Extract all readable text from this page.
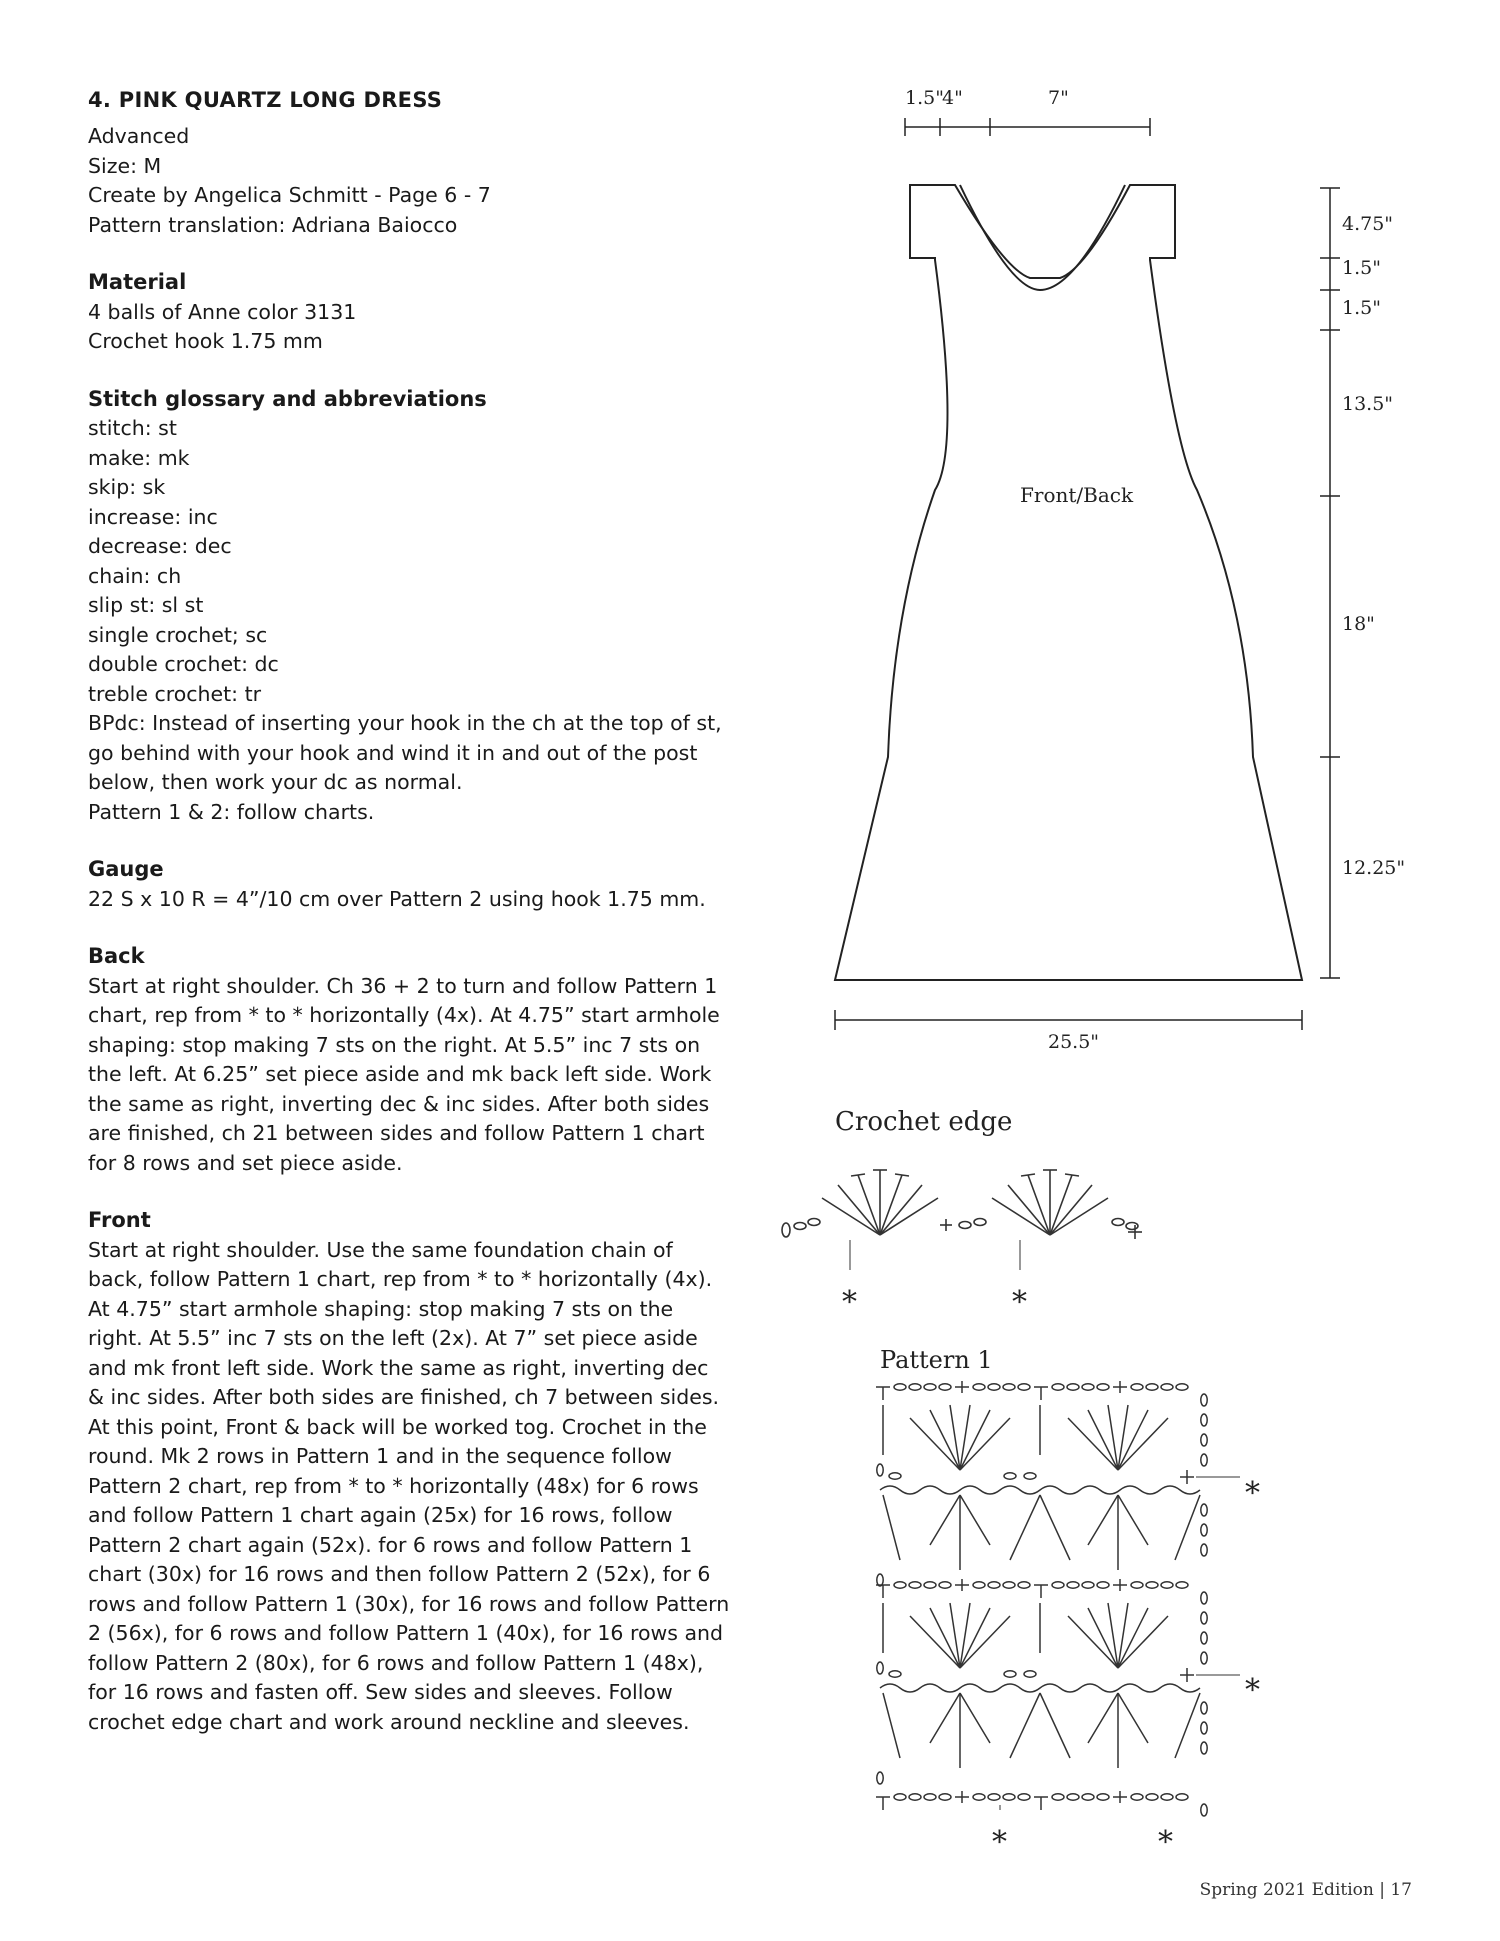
4. PINK QUARTZ LONG DRESS

Advanced

Size: M

Create by Angelica Schmitt - Page 6 - 7

Pattern translation: Adriana Baiocco

Material

4 balls of Anne color 3131

Crochet hook 1.75 mm

Stitch glossary and abbreviations

stitch: st

make: mk

skip: sk

increase: inc

decrease: dec

chain: ch

slip st: sl st

single crochet; sc

double crochet: dc

treble crochet: tr

BPdc: Instead of inserting your hook in the ch at the top of st,
go behind with your hook and wind it in and out of the post
below, then work your dc as normal.

Pattern 1 & 2: follow charts.

Gauge

22 S x 10 R = 4”/10 cm over Pattern 2 using hook 1.75 mm.

Back

Start at right shoulder. Ch 36 + 2 to turn and follow Pattern 1
chart, rep from * to * horizontally (4x). At 4.75” start armhole
shaping: stop making 7 sts on the right. At 5.5” inc 7 sts on
the left. At 6.25” set piece aside and mk back left side. Work
the same as right, inverting dec & inc sides. After both sides
are finished, ch 21 between sides and follow Pattern 1 chart
for 8 rows and set piece aside.

Front

Start at right shoulder. Use the same foundation chain of
back, follow Pattern 1 chart, rep from * to * horizontally (4x).
At 4.75” start armhole shaping: stop making 7 sts on the
right. At 5.5” inc 7 sts on the left (2x). At 7” set piece aside
and mk front left side. Work the same as right, inverting dec
& inc sides. After both sides are finished, ch 7 between sides.
At this point, Front & back will be worked tog. Crochet in the
round. Mk 2 rows in Pattern 1 and in the sequence follow
Pattern 2 chart, rep from * to * horizontally (48x) for 6 rows
and follow Pattern 1 chart again (25x) for 16 rows, follow
Pattern 2 chart again (52x). for 6 rows and follow Pattern 1
chart (30x) for 16 rows and then follow Pattern 2 (52x), for 6
rows and follow Pattern 1 (30x), for 16 rows and follow Pattern
2 (56x), for 6 rows and follow Pattern 1 (40x), for 16 rows and
follow Pattern 2 (80x), for 6 rows and follow Pattern 1 (48x),
for 16 rows and fasten off. Sew sides and sleeves. Follow
crochet edge chart and work around neckline and sleeves.
1.5"
4"	7"
4.75"
1.5"
1.5"
13.5"
18"
12.25"
Front/Back
25.5"
Crochet edge
*	*
Pattern 1
*
*
*	*
Spring 2021 Edition | 17
